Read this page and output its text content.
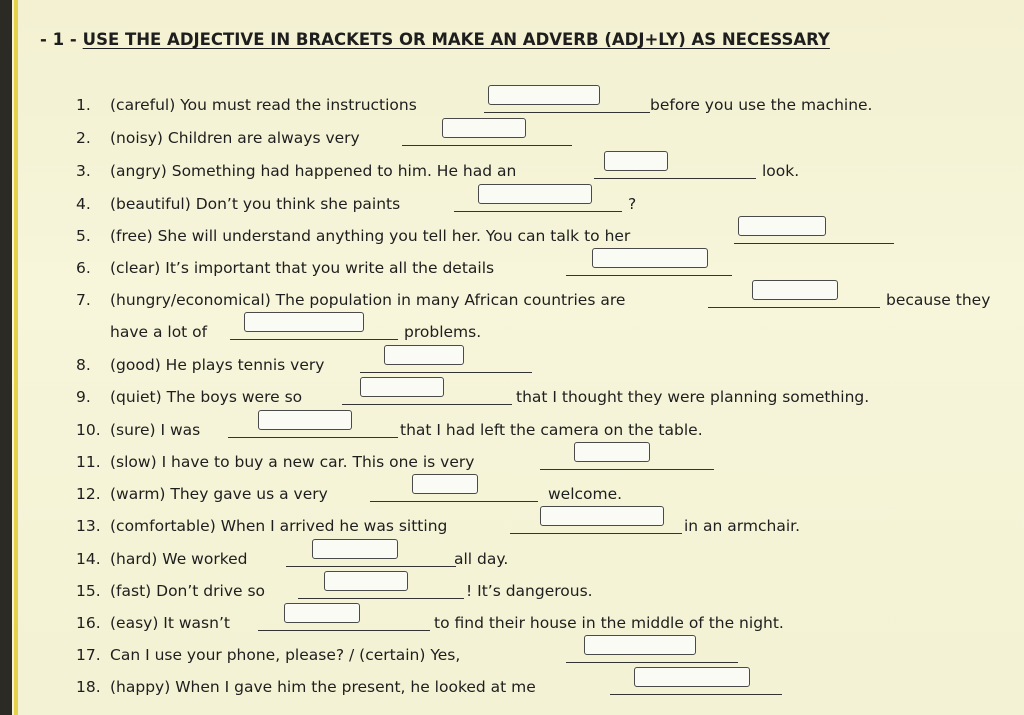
- 1 - USE THE ADJECTIVE IN BRACKETS OR MAKE AN ADVERB (ADJ+LY) AS NECESSARY
1. (careful) You must read the instructions	before you use the machine.
2. (noisy) Children are always very
3. (angry) Something had happened to him. He had an	look.
4. (beautiful) Don’t you think she paints	?
5. (free) She will understand anything you tell her. You can talk to her
6. (clear) It’s important that you write all the details
7. (hungry/economical) The population in many African countries are	because they
have a lot of	problems.
8. (good) He plays tennis very
9. (quiet) The boys were so	that I thought they were planning something.
10. (sure) I was	that I had left the camera on the table.
11. (slow) I have to buy a new car. This one is very
12. (warm) They gave us a very	welcome.
13. (comfortable) When I arrived he was sitting	in an armchair.
14. (hard) We worked	all day.
15. (fast) Don’t drive so	! It’s dangerous.
16. (easy) It wasn’t	to find their house in the middle of the night.
17. Can I use your phone, please? / (certain) Yes,
18. (happy) When I gave him the present, he looked at me
